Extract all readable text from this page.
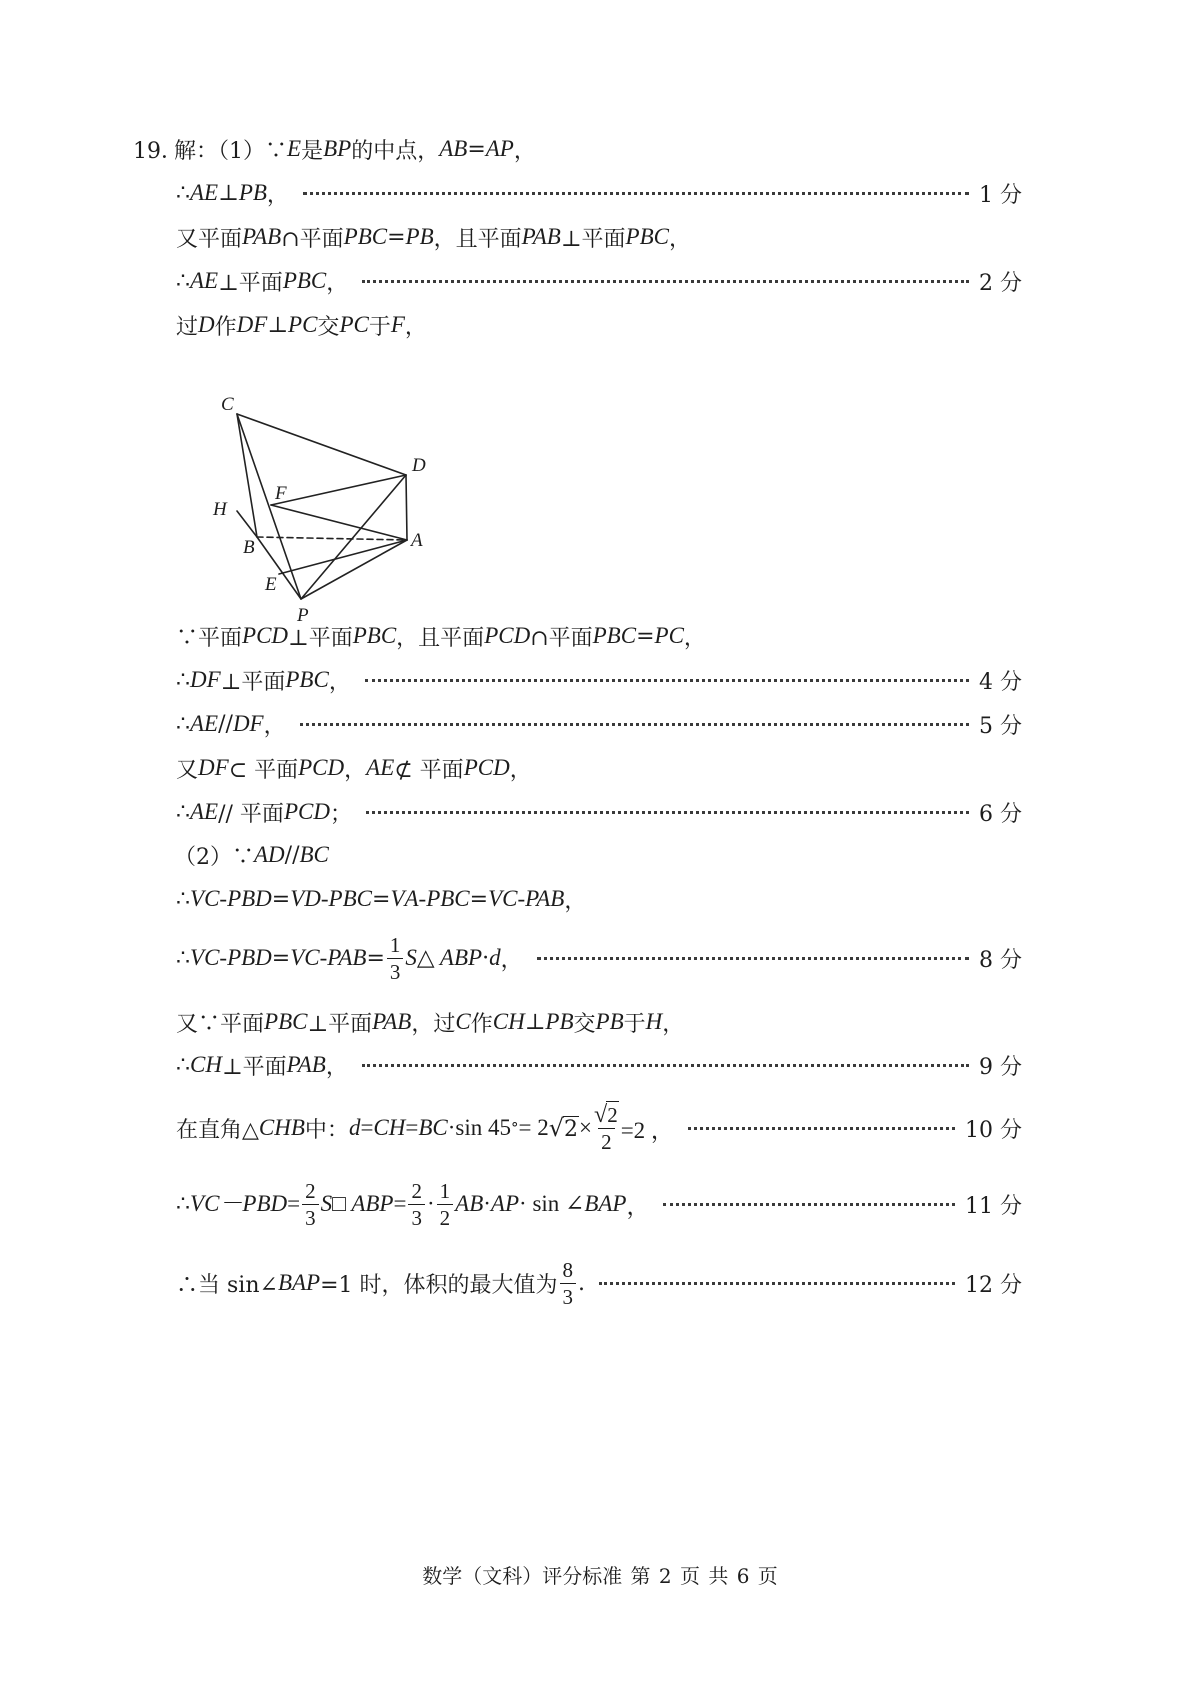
19．
解：（1）∵ E 是 BP 的中点， AB = AP ，
∴ AE ⊥ PB ，	1 分
又平面 PAB ∩平面 PBC = PB ，且平面 PAB ⊥平面 PBC ，
∴ AE ⊥平面 PBC ，	2 分
过 D 作 DF ⊥ PC 交 PC 于 F ，
∵平面 PCD ⊥平面 PBC ，且平面 PCD ∩平面 PBC = PC ，
∴ DF ⊥平面 PBC ，	4 分
∴ AE // DF ，	5 分
又 DF ⊂ 平面 PCD ， AE ⊄ 平面 PCD ，
∴ AE // 平面 PCD ；	6 分
（2）∵ AD // BC
∴ V C-PBD = V D-PBC = V A-PBC = V C-PAB ，
∴ V C-PBD = V $C-PAB = \frac{1}{3}$ S △ ABP · d ，	8 分
又∵平面 PBC ⊥平面 PAB ，过 C 作 CH ⊥ PB 交 PB 于 H ，
∴ CH ⊥平面 PAB ，	9 分
在直角△ CHB 中： d = CH = BC ·sin 45 ° = 2 √ $2 \times \frac{√ 2}{2} =2$ ，	10 分
∴ V $C-PBD = \frac{2}{3}$ S □ ABP = $\frac{2}{3} \cdot \frac{1}{2}$ AB · AP · sin ∠ BAP ，	11 分
∴当 sin∠ BAP =1 时，体积的最大值为 $\frac{8}{3}$ .	12 分
C
D
F
H
B	A
E
P
数学（文科）评分标准 第 2 页 共 6 页
